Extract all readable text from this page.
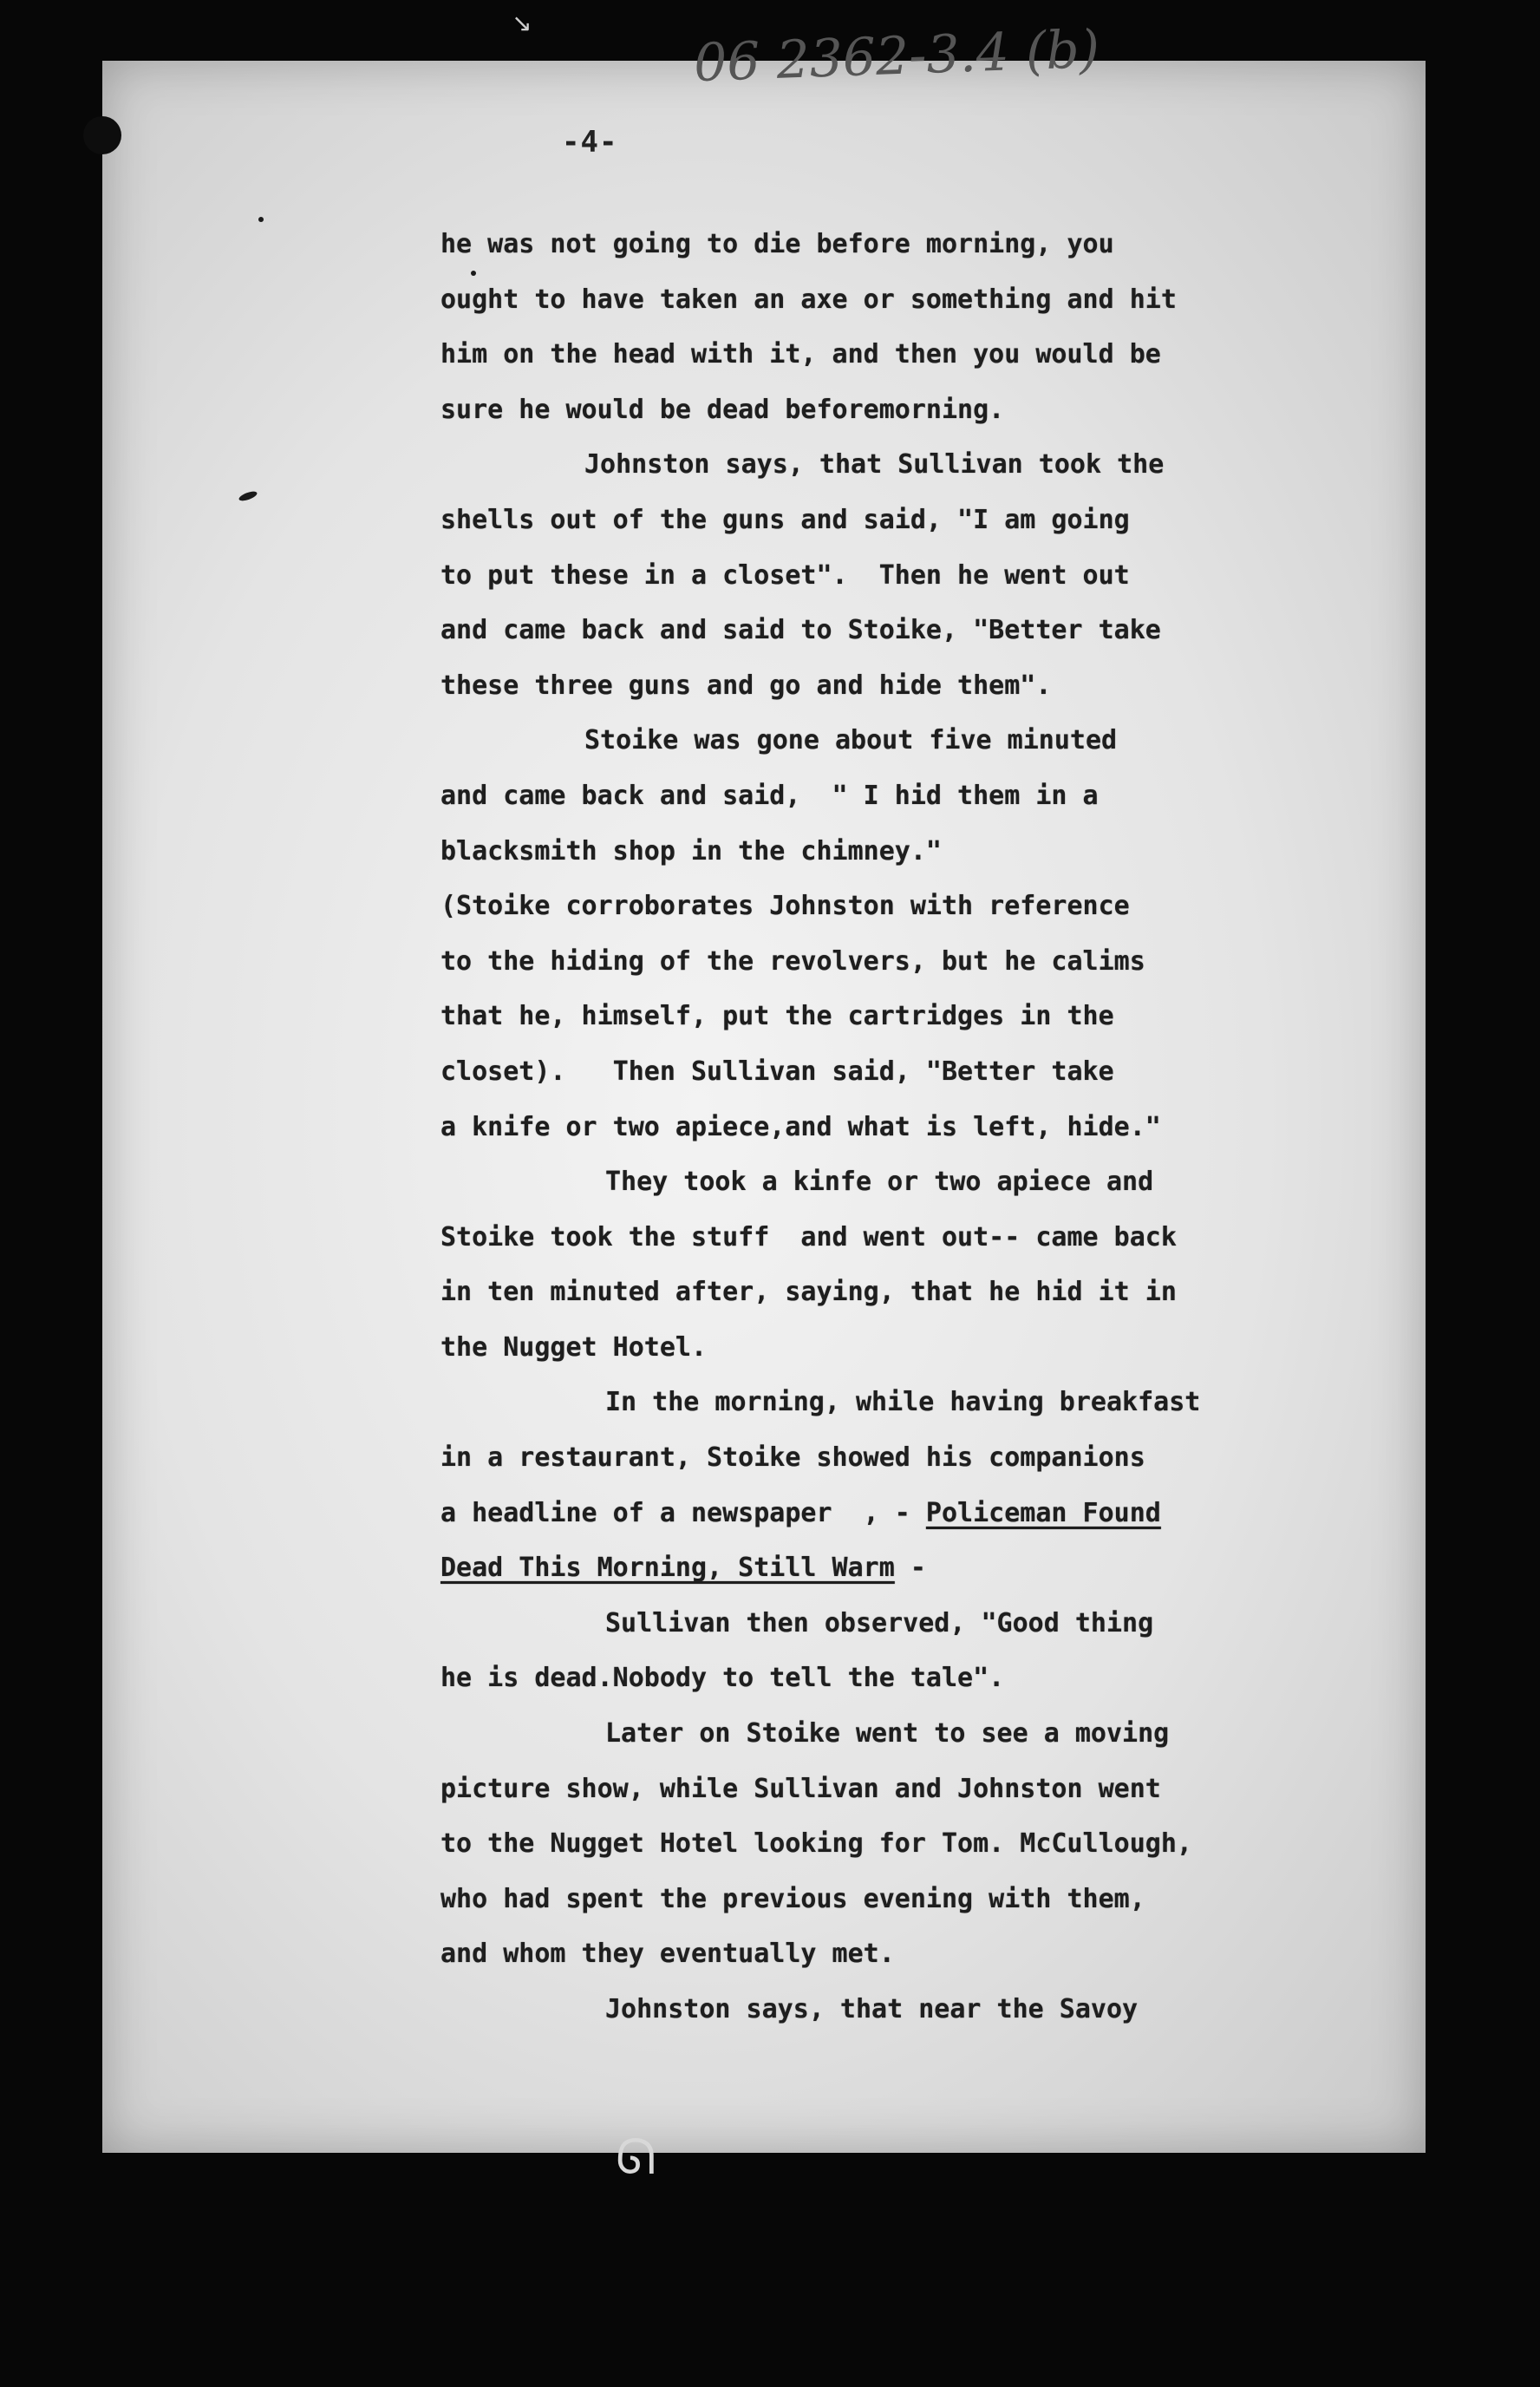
↘	06 2362-3.4 (b)
-4-
he was not going to die before morning, you
ought to have taken an axe or something and hit
him on the head with it, and then you would be
sure he would be dead beforemorning.
Johnston says, that Sullivan took the
shells out of the guns and said, "I am going
to put these in a closet".  Then he went out
and came back and said to Stoike, "Better take
these three guns and go and hide them".
Stoike was gone about five minuted
and came back and said,  " I hid them in a
blacksmith shop in the chimney."
(Stoike corroborates Johnston with reference
to the hiding of the revolvers, but he calims
that he, himself, put the cartridges in the
closet). Then Sullivan said, "Better take
a knife or two apiece,and what is left, hide."
They took a kinfe or two apiece and
Stoike took the stuff  and went out-- came back
in ten minuted after, saying, that he hid it in
the Nugget Hotel.
In the morning, while having breakfast
in a restaurant, Stoike showed his companions
a headline of a newspaper  , - Policeman Found
Dead This Morning, Still Warm -
Sullivan then observed, "Good thing
he is dead.Nobody to tell the tale".
Later on Stoike went to see a moving
picture show, while Sullivan and Johnston went
to the Nugget Hotel looking for Tom. McCullough,
who had spent the previous evening with them,
and whom they eventually met.
Johnston says, that near the Savoy
ᘏ
